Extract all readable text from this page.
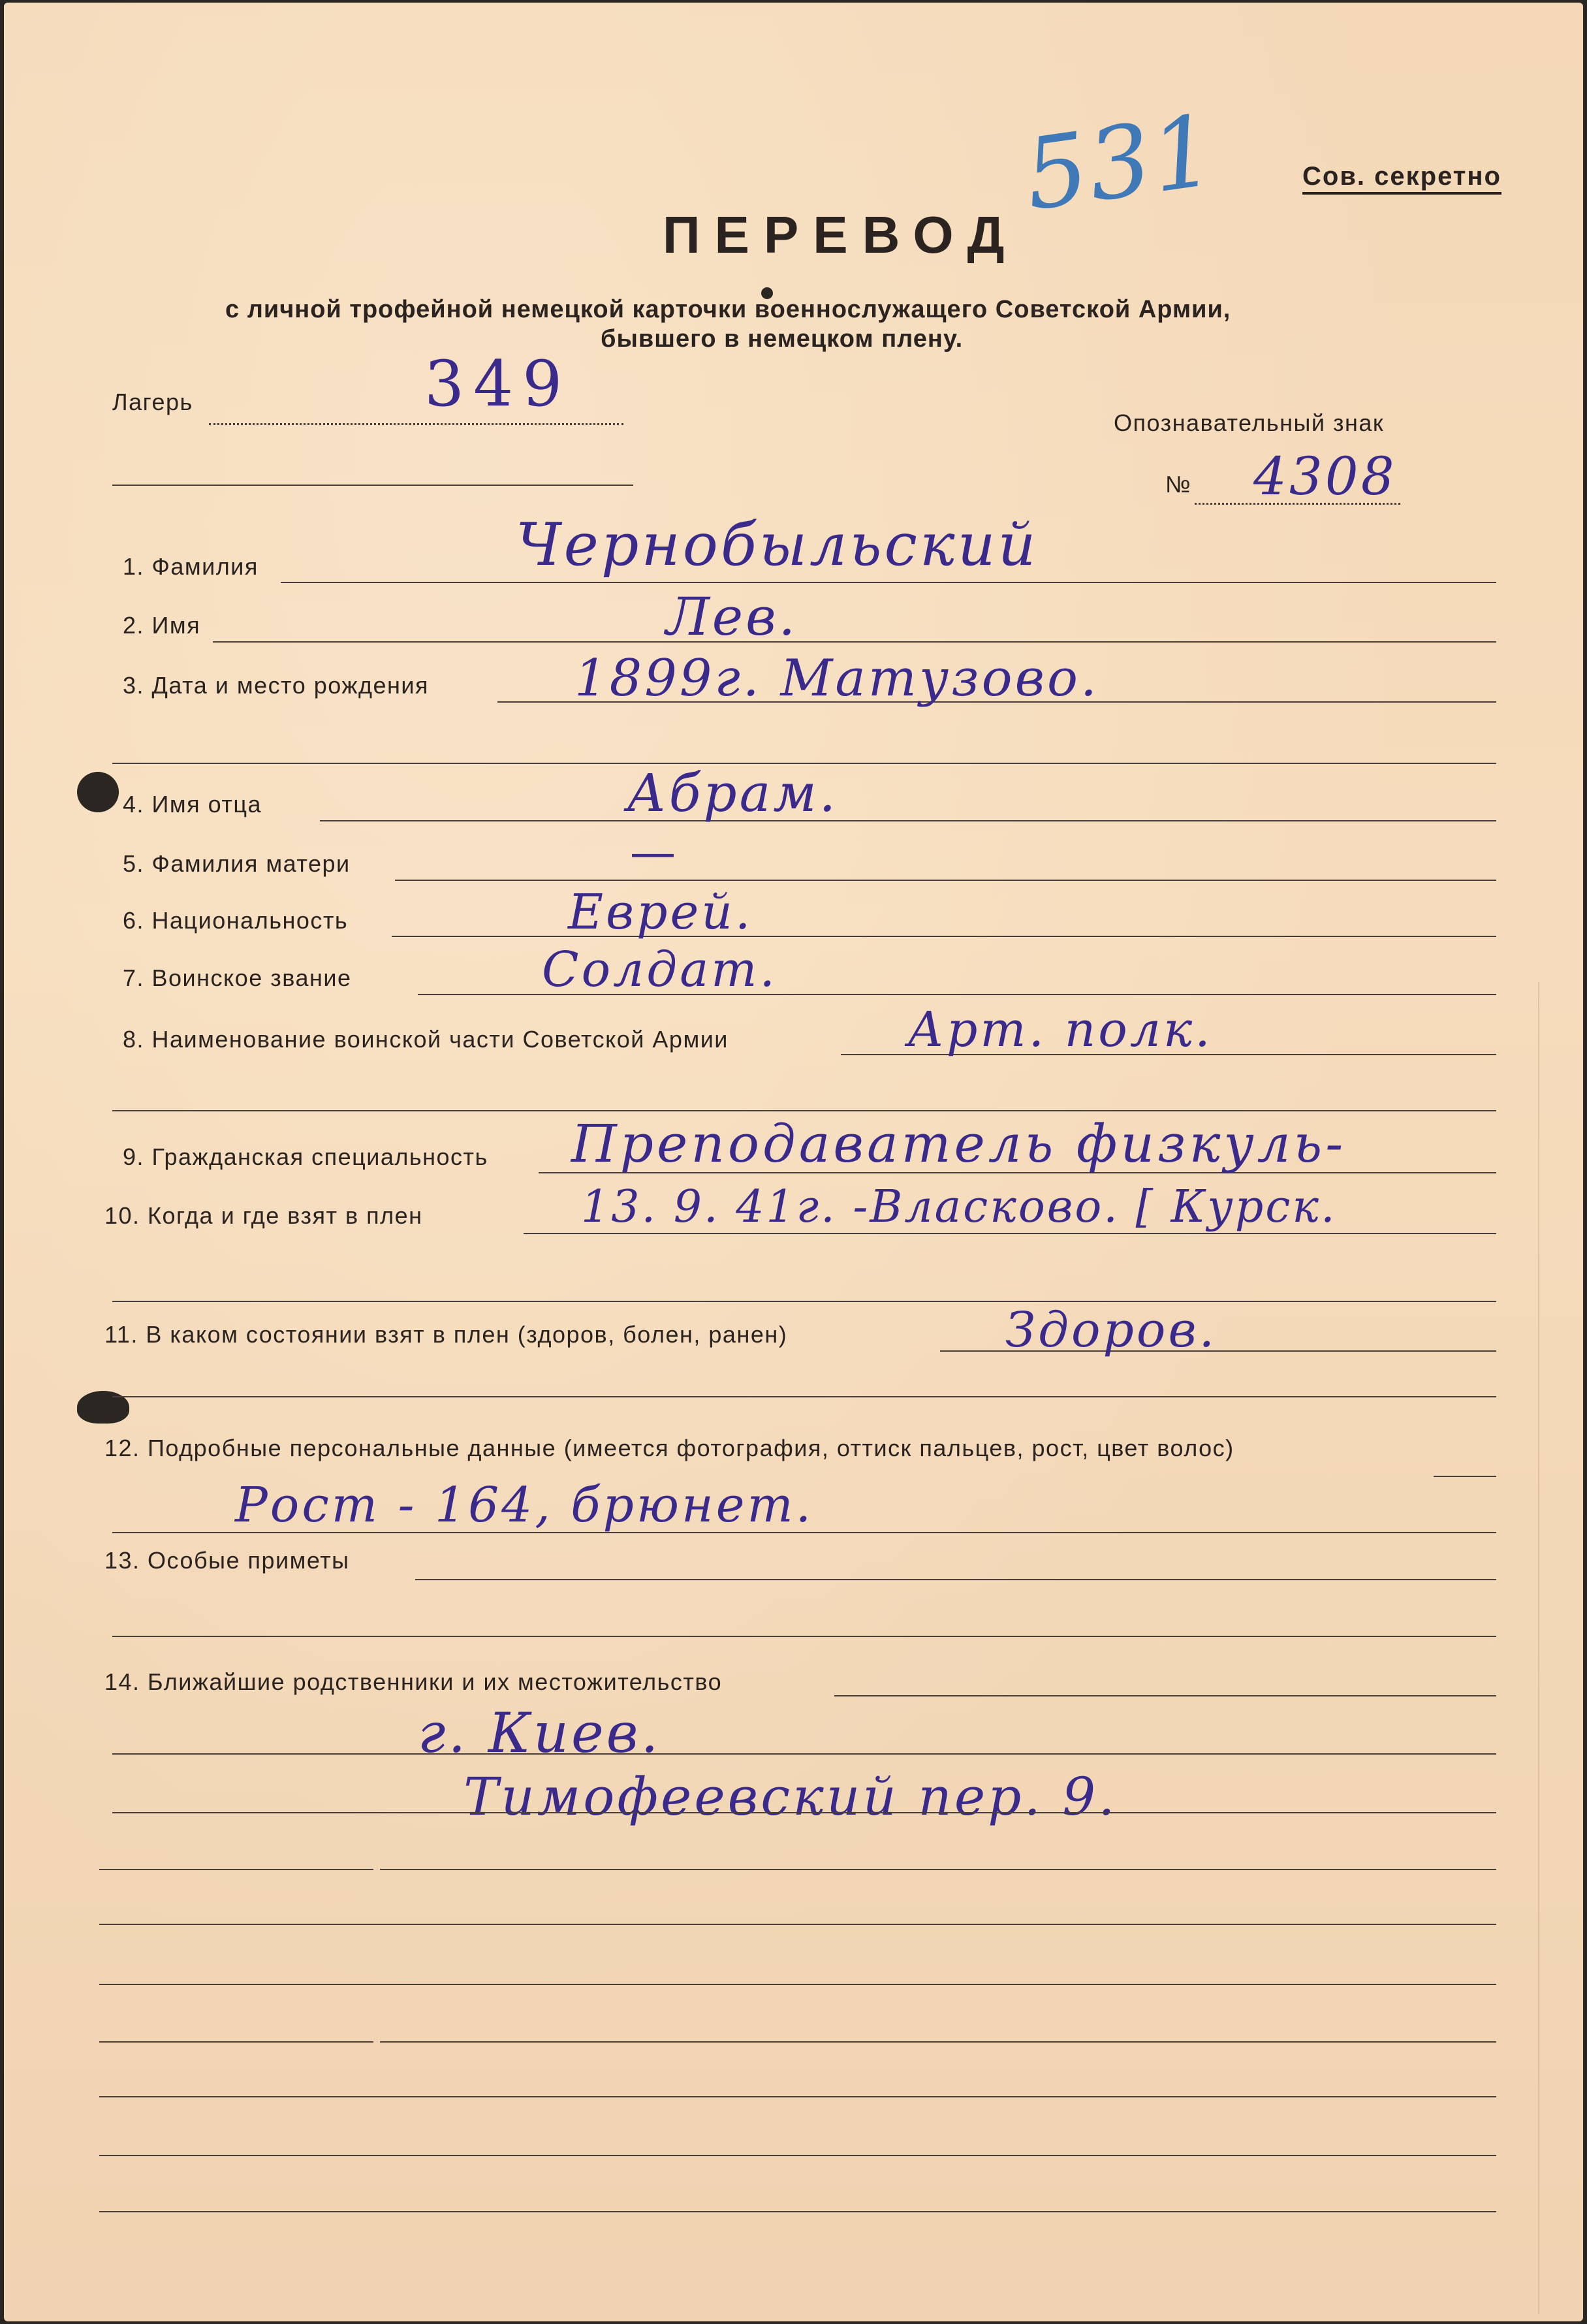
531	Сов. секретно
ПЕРЕВОД
с личной трофейной немецкой карточки военнослужащего Советской Армии,
бывшего в немецком плену.
Лагерь	349
Опознавательный знак
№ 4308
1. Фамилия	Чернобыльский
2. Имя	Лев.
3. Дата и место рождения	1899г. Матузово.
4. Имя отца	Абрам.
5. Фамилия матери	—
6. Национальность	Еврей.
7. Воинское звание	Солдат.
8. Наименование воинской части Советской Армии	Арт. полк.
9. Гражданская специальность Преподаватель физкуль-
10. Когда и где взят в плен	13. 9. 41г. -Власково. [ Курск.
11. В каком состоянии взят в плен (здоров, болен, ранен)	Здоров.
12. Подробные персональные данные (имеется фотография, оттиск пальцев, рост, цвет волос)
Рост - 164, брюнет.
13. Особые приметы
14. Ближайшие родственники и их местожительство
г. Киев.
Тимофеевский пер. 9.
